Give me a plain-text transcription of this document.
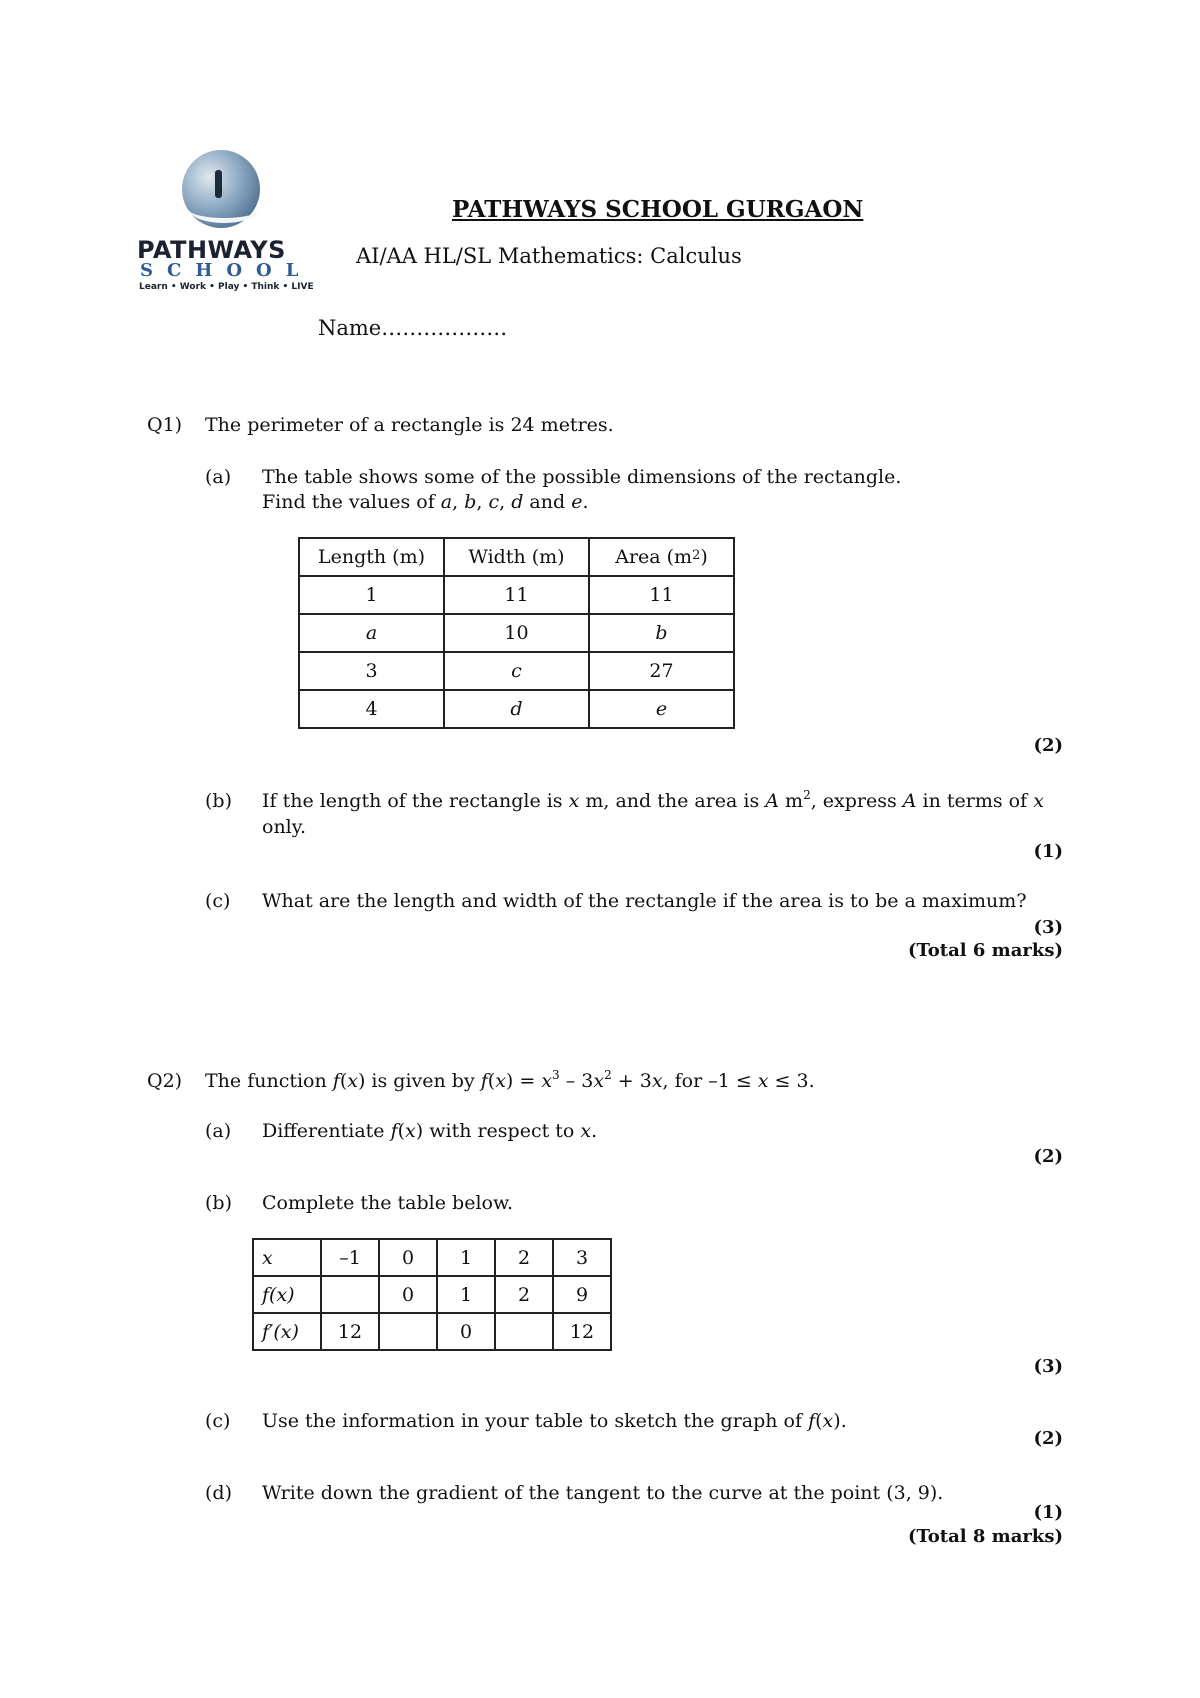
PATHWAYS
SCHOOL
Learn • Work • Play • Think • LIVE
PATHWAYS SCHOOL GURGAON
AI/AA HL/SL Mathematics: Calculus
Name………………
Q1) The perimeter of a rectangle is 24 metres.
(a) The table shows some of the possible dimensions of the rectangle.
Find the values of a, b, c, d and e.
Length (m)	Width (m)	Area $(m^2)$
1	11	11
a	10	b
3	c	27
4	d	e
(2)
(b) If the length of the rectangle is x m, and the area is A $m^2$, express A in terms of x
only.
(1)
(c) What are the length and width of the rectangle if the area is to be a maximum?
(3)
(Total 6 marks)
Q2) The function f(x) is given by $f(x) = x^3 - 3x^2 + 3x$, for –1 ≤ x ≤ 3.
(a) Differentiate f(x) with respect to x.
(2)
(b) Complete the table below.
x	–1	0	1	2	3
f(x)		0	1	2	9
f′(x)	12		0		12
(3)
(c) Use the information in your table to sketch the graph of f(x).
(2)
(d) Write down the gradient of the tangent to the curve at the point (3, 9).
(1)
(Total 8 marks)
